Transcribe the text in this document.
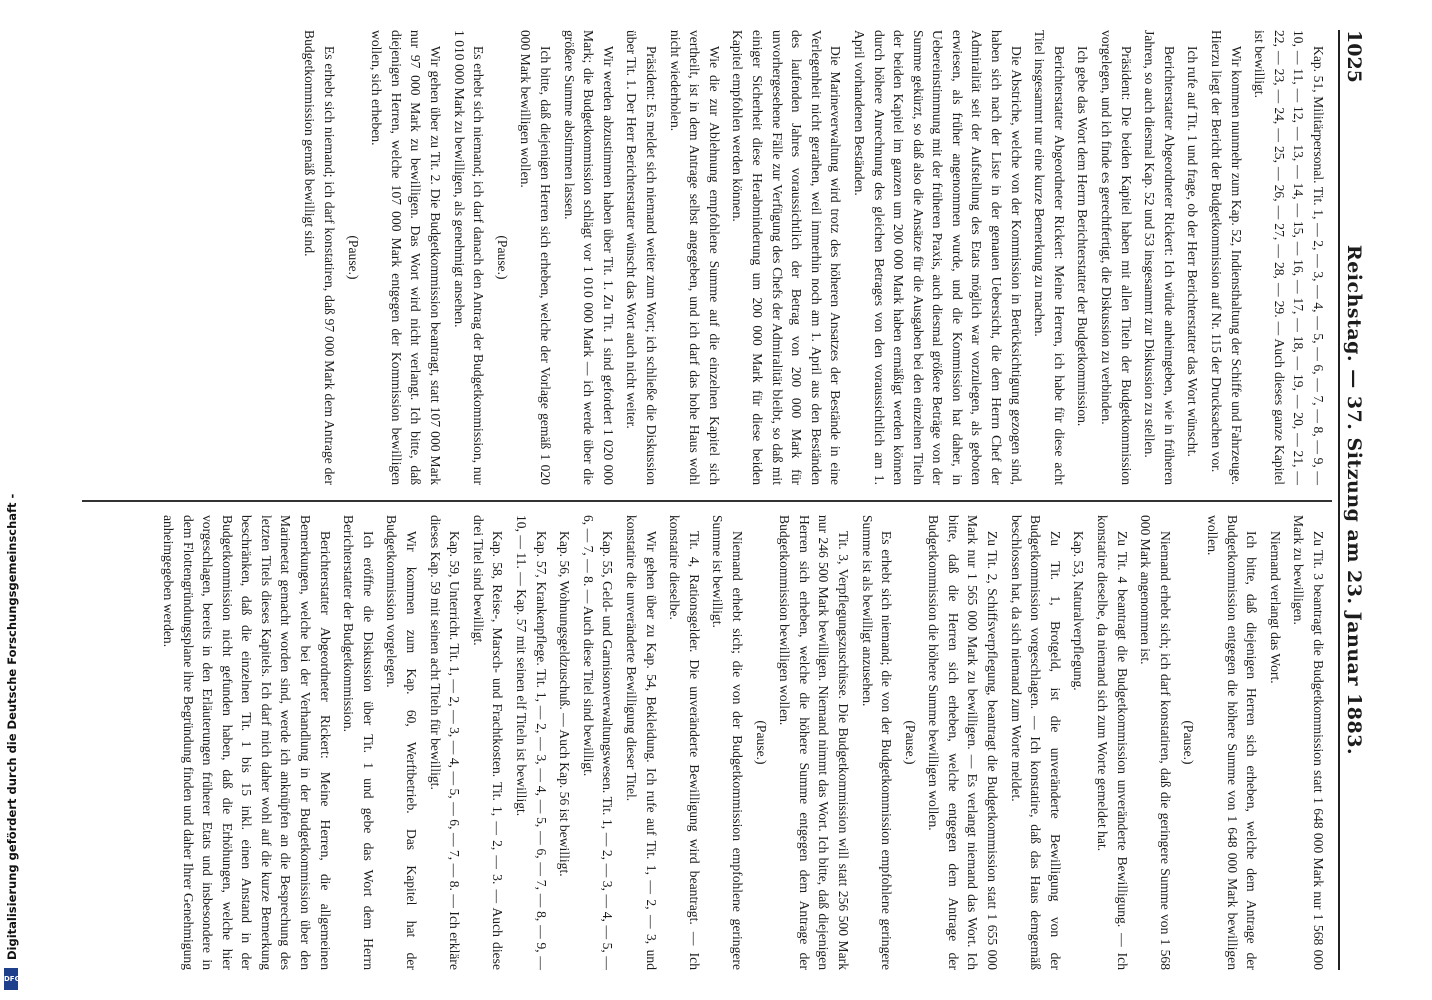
Digitalisierung gefördert durch die Deutsche Forschungsgemeinschaft -
DFG
Reichstag. — 37. Sitzung am 23. Januar 1883.
1025

Kap. 51, Militärpersonal. Tit. 1, — 2, — 3, — 4, — 5, — 6, — 7, — 8, — 9, — 10, — 11, — 12, — 13, — 14, — 15, — 16, — 17, — 18, — 19, — 20, — 21, — 22, — 23, — 24, — 25, — 26, — 27, — 28, — 29. — Auch dieses ganze Kapitel ist bewilligt.

Wir kommen nunmehr zum Kap. 52, Indiensthaltung der Schiffe und Fahrzeuge. Hierzu liegt der Bericht der Budgetkommission auf Nr. 115 der Drucksachen vor.

Ich rufe auf Tit. 1 und frage, ob der Herr Berichterstatter das Wort wünscht.

Berichterstatter Abgeordneter Rickert: Ich würde anheimgeben, wie in früheren Jahren, so auch diesmal Kap. 52 und 53 insgesammt zur Diskussion zu stellen.

Präsident: Die beiden Kapitel haben mit allen Titeln der Budgetkommission vorgelegen, und ich finde es gerechtfertigt, die Diskussion zu verbinden.

Ich gebe das Wort dem Herrn Berichterstatter der Budgetkommission.

Berichterstatter Abgeordneter Rickert: Meine Herren, ich habe für diese acht Titel insgesammt nur eine kurze Bemerkung zu machen.

Die Abstriche, welche von der Kommission in Berücksichtigung gezogen sind, haben sich nach der Liste in der genauen Uebersicht, die dem Herrn Chef der Admiralität seit der Aufstellung des Etats möglich war vorzulegen, als geboten erwiesen, als früher angenommen wurde, und die Kommission hat daher, in Uebereinstimmung mit der früheren Praxis, auch diesmal größere Beträge von der Summe gekürzt, so daß also die Ansätze für die Ausgaben bei den einzelnen Titeln der beiden Kapitel im ganzen um 200 000 Mark haben ermäßigt werden können durch höhere Anrechnung des gleichen Betrages von den voraussichtlich am 1. April vorhandenen Beständen.

Die Marineverwaltung wird trotz des höheren Ansatzes der Bestände in eine Verlegenheit nicht gerathen, weil immerhin noch am 1. April aus den Beständen des laufenden Jahres voraussichtlich der Betrag von 200 000 Mark für unvorhergesehene Fälle zur Verfügung des Chefs der Admiralität bleibt, so daß mit einiger Sicherheit diese Herabminderung um 200 000 Mark für diese beiden Kapitel empfohlen werden können.

Wie die zur Ablehnung empfohlene Summe auf die einzelnen Kapitel sich vertheilt, ist in dem Antrage selbst angegeben, und ich darf das hohe Haus wohl nicht wiederholen.

Präsident: Es meldet sich niemand weiter zum Wort; ich schließe die Diskussion über Tit. 1. Der Herr Berichterstatter wünscht das Wort auch nicht weiter.

Wir werden abzustimmen haben über Tit. 1. Zu Tit. 1 sind gefordert 1 020 000 Mark; die Budgetkommission schlägt vor 1 010 000 Mark — ich werde über die größere Summe abstimmen lassen.

Ich bitte, daß diejenigen Herren sich erheben, welche der Vorlage gemäß 1 020 000 Mark bewilligen wollen.

(Pause.)

Es erhebt sich niemand; ich darf danach den Antrag der Budgetkommission, nur 1 010 000 Mark zu bewilligen, als genehmigt ansehen.

Wir gehen über zu Tit. 2. Die Budgetkommission beantragt, statt 107 000 Mark nur 97 000 Mark zu bewilligen. Das Wort wird nicht verlangt. Ich bitte, daß diejenigen Herren, welche 107 000 Mark entgegen der Kommission bewilligen wollen, sich erheben.

(Pause.)

Es erhebt sich niemand; ich darf konstatiren, daß 97 000 Mark dem Antrage der Budgetkommission gemäß bewilligt sind.

Zu Tit. 3 beantragt die Budgetkommission statt 1 648 000 Mark nur 1 568 000 Mark zu bewilligen.

Niemand verlangt das Wort.

Ich bitte, daß diejenigen Herren sich erheben, welche dem Antrage der Budgetkommission entgegen die höhere Summe von 1 648 000 Mark bewilligen wollen.

(Pause.)

Niemand erhebt sich; ich darf konstatiren, daß die geringere Summe von 1 568 000 Mark angenommen ist.

Zu Tit. 4 beantragt die Budgetkommission unveränderte Bewilligung. — Ich konstatire dieselbe, da niemand sich zum Worte gemeldet hat.

Kap. 53, Naturalverpflegung.

Zu Tit. 1, Brotgeld, ist die unveränderte Bewilligung von der Budgetkommission vorgeschlagen. — Ich konstatire, daß das Haus demgemäß beschlossen hat, da sich niemand zum Worte meldet.

Zu Tit. 2, Schiffsverpflegung, beantragt die Budgetkommission statt 1 655 000 Mark nur 1 565 000 Mark zu bewilligen. — Es verlangt niemand das Wort. Ich bitte, daß die Herren sich erheben, welche entgegen dem Antrage der Budgetkommission die höhere Summe bewilligen wollen.

(Pause.)

Es erhebt sich niemand; die von der Budgetkommission empfohlene geringere Summe ist als bewilligt anzusehen.

Tit. 3, Verpflegungszuschüsse. Die Budgetkommission will statt 256 500 Mark nur 246 500 Mark bewilligen. Niemand nimmt das Wort. Ich bitte, daß diejenigen Herren sich erheben, welche die höhere Summe entgegen dem Antrage der Budgetkommission bewilligen wollen.

(Pause.)

Niemand erhebt sich; die von der Budgetkommission empfohlene geringere Summe ist bewilligt.

Tit. 4, Rationsgelder. Die unveränderte Bewilligung wird beantragt. — Ich konstatire dieselbe.

Wir gehen über zu Kap. 54, Bekleidung. Ich rufe auf Tit. 1, — 2, — 3, und konstatire die unveränderte Bewilligung dieser Titel.

Kap. 55, Geld- und Garnisonverwaltungswesen. Tit. 1, — 2, — 3, — 4, — 5, — 6, — 7, — 8. — Auch diese Titel sind bewilligt.

Kap. 56, Wohnungsgeldzuschuß. — Auch Kap. 56 ist bewilligt.

Kap. 57, Krankenpflege. Tit. 1, — 2, — 3, — 4, — 5, — 6, — 7, — 8, — 9, — 10, — 11. — Kap. 57 mit seinen elf Titeln ist bewilligt.

Kap. 58, Reise-, Marsch- und Frachtkosten. Tit. 1, — 2, — 3. — Auch diese drei Titel sind bewilligt.

Kap. 59, Unterricht. Tit. 1, — 2, — 3, — 4, — 5, — 6, — 7, — 8. — Ich erkläre dieses Kap. 59 mit seinen acht Titeln für bewilligt.

Wir kommen zum Kap. 60, Werftbetrieb. Das Kapitel hat der Budgetkommission vorgelegen.

Ich eröffne die Diskussion über Tit. 1 und gebe das Wort dem Herrn Berichterstatter der Budgetkommission.

Berichterstatter Abgeordneter Rickert: Meine Herren, die allgemeinen Bemerkungen, welche bei der Verhandlung in der Budgetkommission über den Marineetat gemacht worden sind, werde ich anknüpfen an die Besprechung des letzten Titels dieses Kapitels. Ich darf mich daher wohl auf die kurze Bemerkung beschränken, daß die einzelnen Tit. 1 bis 15 inkl. einen Anstand in der Budgetkommission nicht gefunden haben, daß die Erhöhungen, welche hier vorgeschlagen, bereits in den Erläuterungen früherer Etats und insbesondere in dem Flottengründungsplane ihre Begründung finden und daher Ihrer Genehmigung anheimgegeben werden.
